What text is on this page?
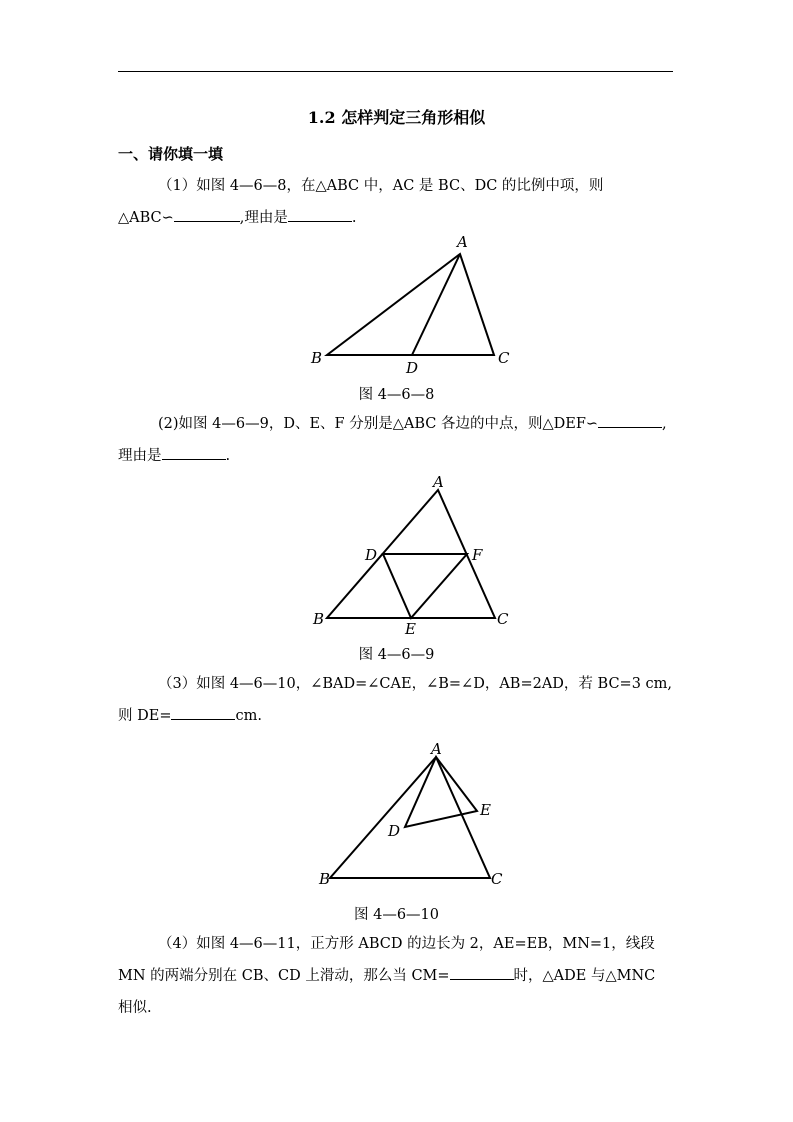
1.2 怎样判定三角形相似
一、请你填一填
（1）如图 4—6—8，在△ABC 中，AC 是 BC、DC 的比例中项，则
△ABC∽	,理由是	.
A
B	C
D
图 4—6—8
(2)如图 4—6—9，D、E、F 分别是△ABC 各边的中点，则△DEF∽	,
理由是	.
A
B	C
D
E
F
图 4—6—9
（3）如图 4—6—10，∠BAD=∠CAE，∠B=∠D，AB=2AD，若 BC=3 cm,
则 DE=	cm.
A
B	C
D
E
图 4—6—10
（4）如图 4—6—11，正方形 ABCD 的边长为 2，AE=EB，MN=1，线段
MN 的两端分别在 CB、CD 上滑动，那么当 CM=	时，△ADE 与△MNC
相似.
